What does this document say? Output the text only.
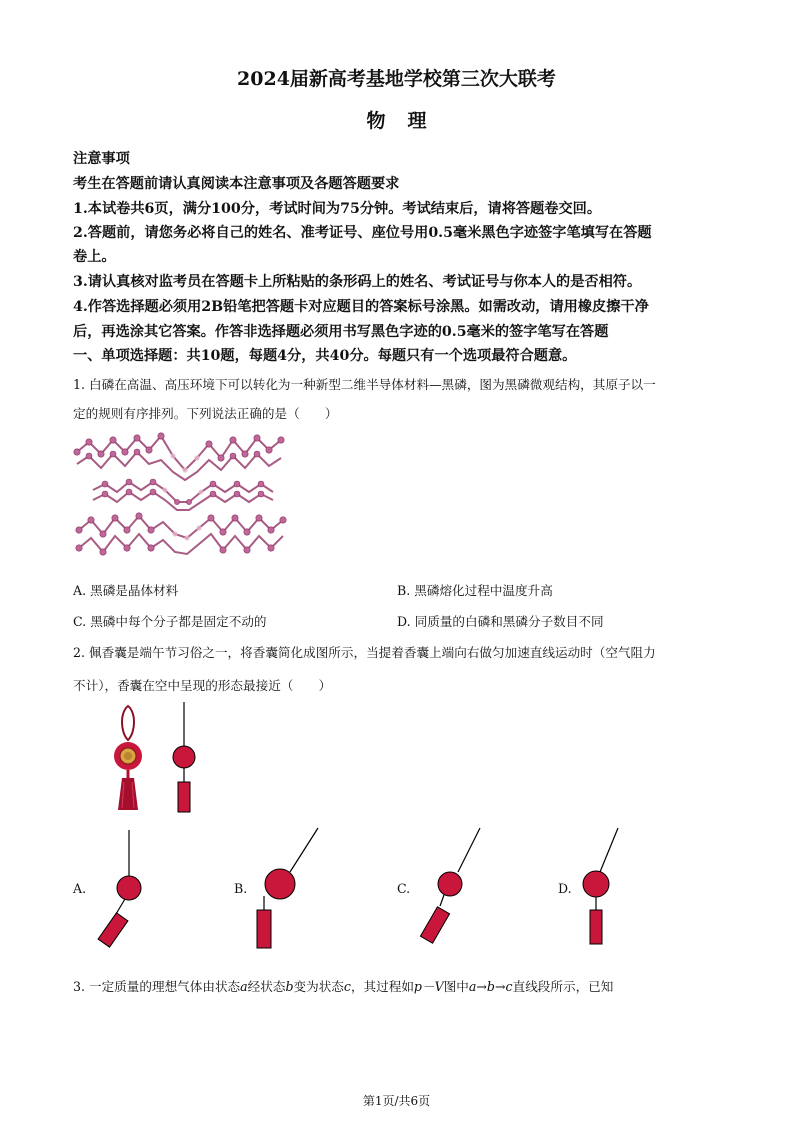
2024届新高考基地学校第三次大联考
物理
注意事项
考生在答题前请认真阅读本注意事项及各题答题要求
1.本试卷共6页，满分100分，考试时间为75分钟。考试结束后，请将答题卷交回。
2.答题前，请您务必将自己的姓名、准考证号、座位号用0.5毫米黑色字迹签字笔填写在答题
卷上。
3.请认真核对监考员在答题卡上所粘贴的条形码上的姓名、考试证号与你本人的是否相符。
4.作答选择题必须用2B铅笔把答题卡对应题目的答案标号涂黑。如需改动，请用橡皮擦干净
后，再选涂其它答案。作答非选择题必须用书写黑色字迹的0.5毫米的签字笔写在答题
一、单项选择题：共10题，每题4分，共40分。每题只有一个选项最符合题意。
1. 白磷在高温、高压环境下可以转化为一种新型二维半导体材料—黑磷，图为黑磷微观结构，其原子以一
定的规则有序排列。下列说法正确的是（　　）
A. 黑磷是晶体材料	B. 黑磷熔化过程中温度升高
C. 黑磷中每个分子都是固定不动的	D. 同质量的白磷和黑磷分子数目不同
2. 佩香囊是端午节习俗之一，将香囊简化成图所示，当提着香囊上端向右做匀加速直线运动时（空气阻力
不计），香囊在空中呈现的形态最接近（　　）
A.	B.	C.	D.
3. 一定质量的理想气体由状态a经状态b变为状态c，其过程如p－V图中a→b→c直线段所示，已知
第1页/共6页
